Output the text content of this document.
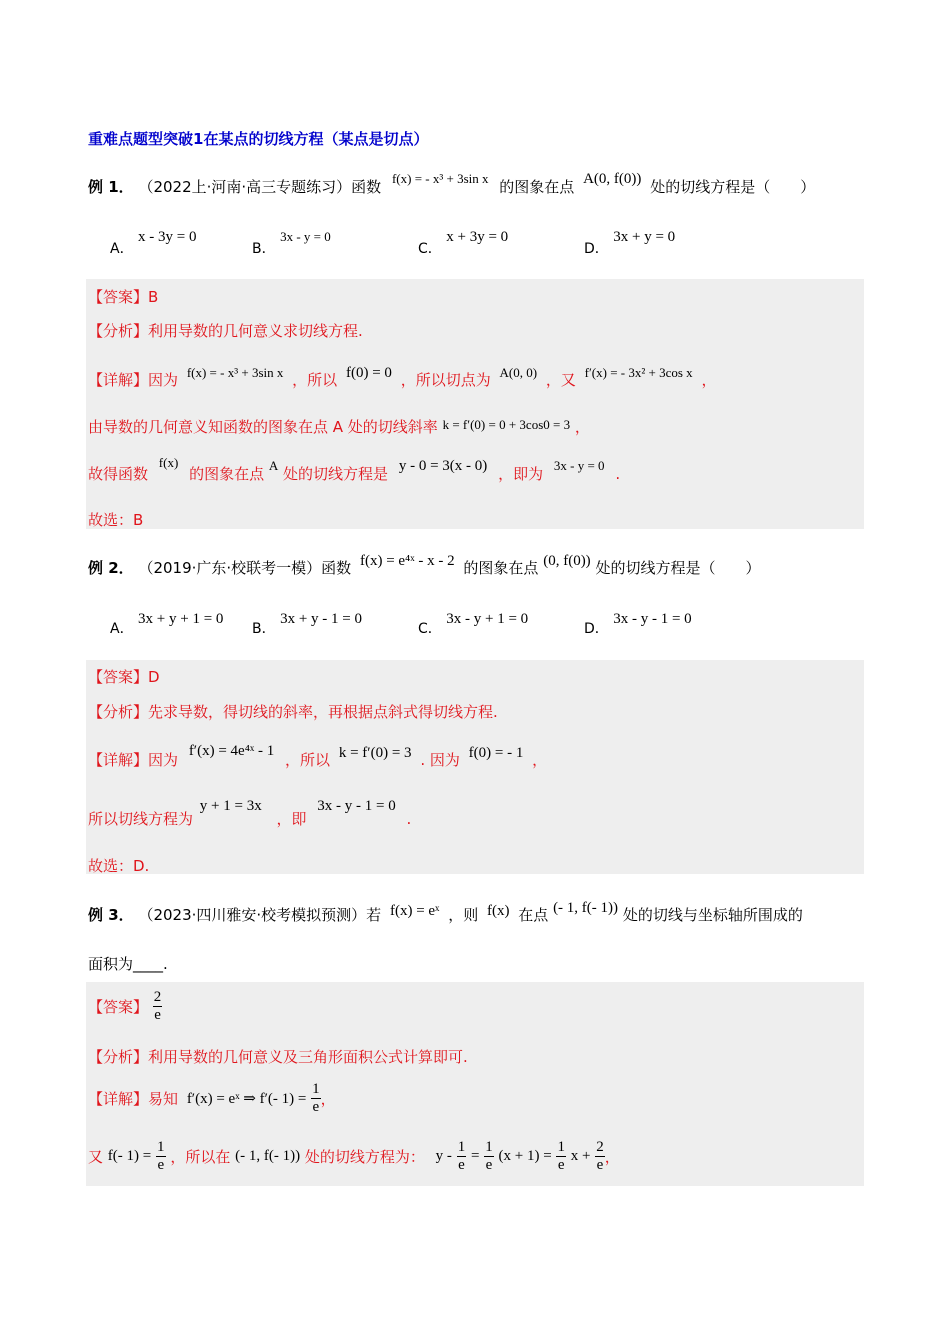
重难点题型突破1在某点的切线方程（某点是切点）
例 1． （2022上·河南·高三专题练习）函数 f(x) = - x³ + 3sin x 的图象在点 A(0, f(0)) 处的切线方程是（　　）
A． x - 3y = 0
B． 3x - y = 0
C． x + 3y = 0
D． 3x + y = 0
【答案】B
【分析】利用导数的几何意义求切线方程.
【详解】因为 f(x) = - x³ + 3sin x ，所以 f(0) = 0 ，所以切点为 A(0, 0) ，又 f′(x) = - 3x² + 3cos x ，
由导数的几何意义知函数的图象在点 A 处的切线斜率 k = f′(0) = 0 + 3cos0 = 3 ，
故得函数 f(x) 的图象在点 A 处的切线方程是 y - 0 = 3(x - 0) ，即为 3x - y = 0 .
故选：B
例 2． （2019·广东·校联考一模）函数 f(x) = e⁴ˣ - x - 2 的图象在点 (0, f(0)) 处的切线方程是（　　）
A． 3x + y + 1 = 0
B． 3x + y - 1 = 0
C． 3x - y + 1 = 0
D． 3x - y - 1 = 0
【答案】D
【分析】先求导数，得切线的斜率，再根据点斜式得切线方程.
【详解】因为 f′(x) = 4e⁴ˣ - 1 ，所以 k = f′(0) = 3 . 因为 f(0) = - 1 ，
所以切线方程为 y + 1 = 3x ，即 3x - y - 1 = 0 .
故选：D.
例 3． （2023·四川雅安·校考模拟预测）若 f(x) = eˣ ，则 f(x) 在点 (- 1, f(- 1)) 处的切线与坐标轴所围成的
面积为____.
【答案】 $\frac{2}{e}$
【分析】利用导数的几何意义及三角形面积公式计算即可.
【详解】易知 f′(x) = eˣ ⇒ f′(- $1) = \frac{1}{e}$ ，
又 f(- $1) = \frac{1}{e}$ ，所以在 (- 1, f(- 1)) 处的切线方程为： $y - \frac{1}{e} = \frac{1}{e} (x + 1) = \frac{1}{e}$ $x + \frac{2}{e}$ ，
